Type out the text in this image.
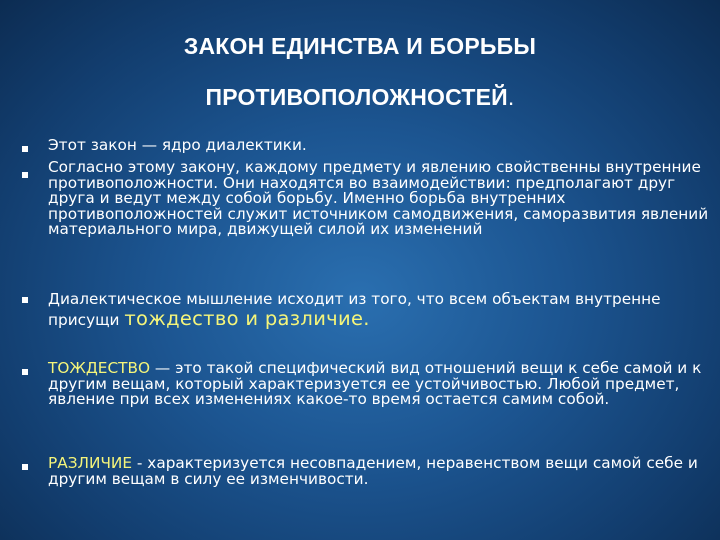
ЗАКОН ЕДИНСТВА И БОРЬБЫ
ПРОТИВОПОЛОЖНОСТЕЙ.
Этот закон — ядро диалектики.
Согласно этому закону, каждому предмету и явлению свойственны внутренние противоположности. Они находятся во взаимодействии: предполагают друг друга и ведут между собой борьбу. Именно борьба внутренних противоположностей служит источником самодвижения, саморазвития явлений материального мира, движущей силой их изменений
Диалектическое мышление исходит из того, что всем объектам внутренне присущи тождество и различие.
ТОЖДЕСТВО — это такой специфический вид отношений вещи к себе самой и к другим вещам, который характеризуется ее устойчивостью. Любой предмет, явление при всех изменениях какое-то время остается самим собой.
РАЗЛИЧИЕ - характеризуется несовпадением, неравенством вещи самой себе и другим вещам в силу ее изменчивости.
